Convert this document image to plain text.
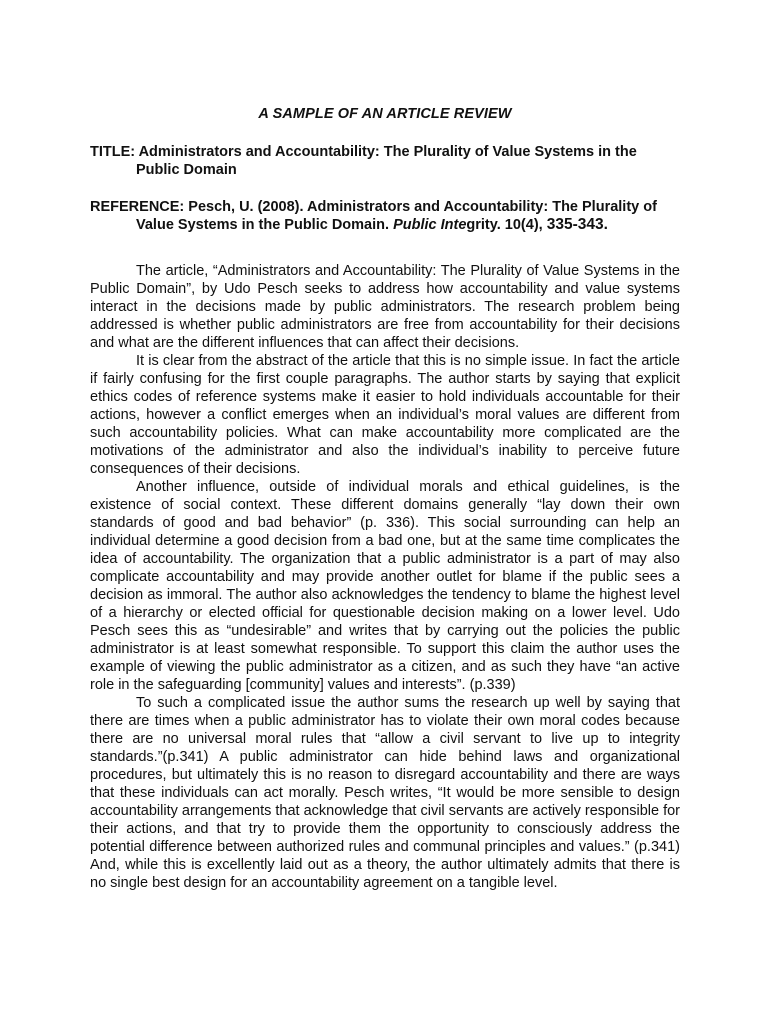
A SAMPLE OF AN ARTICLE REVIEW
TITLE: Administrators and Accountability: The Plurality of Value Systems in the Public Domain
REFERENCE: Pesch, U. (2008). Administrators and Accountability: The Plurality of Value Systems in the Public Domain. Public Integrity. 10(4), 335-343.

The article, “Administrators and Accountability: The Plurality of Value Systems in the Public Domain”, by Udo Pesch seeks to address how accountability and value systems interact in the decisions made by public administrators. The research problem being addressed is whether public administrators are free from accountability for their decisions and what are the different influences that can affect their decisions.

It is clear from the abstract of the article that this is no simple issue. In fact the article if fairly confusing for the first couple paragraphs. The author starts by saying that explicit ethics codes of reference systems make it easier to hold individuals accountable for their actions, however a conflict emerges when an individual’s moral values are different from such accountability policies. What can make accountability more complicated are the motivations of the administrator and also the individual’s inability to perceive future consequences of their decisions.

Another influence, outside of individual morals and ethical guidelines, is the existence of social context. These different domains generally “lay down their own standards of good and bad behavior” (p. 336). This social surrounding can help an individual determine a good decision from a bad one, but at the same time complicates the idea of accountability. The organization that a public administrator is a part of may also complicate accountability and may provide another outlet for blame if the public sees a decision as immoral. The author also acknowledges the tendency to blame the highest level of a hierarchy or elected official for questionable decision making on a lower level. Udo Pesch sees this as “undesirable” and writes that by carrying out the policies the public administrator is at least somewhat responsible. To support this claim the author uses the example of viewing the public administrator as a citizen, and as such they have “an active role in the safeguarding [community] values and interests”. (p.339)

To such a complicated issue the author sums the research up well by saying that there are times when a public administrator has to violate their own moral codes because there are no universal moral rules that “allow a civil servant to live up to integrity standards.”(p.341) A public administrator can hide behind laws and organizational procedures, but ultimately this is no reason to disregard accountability and there are ways that these individuals can act morally. Pesch writes, “It would be more sensible to design accountability arrangements that acknowledge that civil servants are actively responsible for their actions, and that try to provide them the opportunity to consciously address the potential difference between authorized rules and communal principles and values.” (p.341) And, while this is excellently laid out as a theory, the author ultimately admits that there is no single best design for an accountability agreement on a tangible level.
